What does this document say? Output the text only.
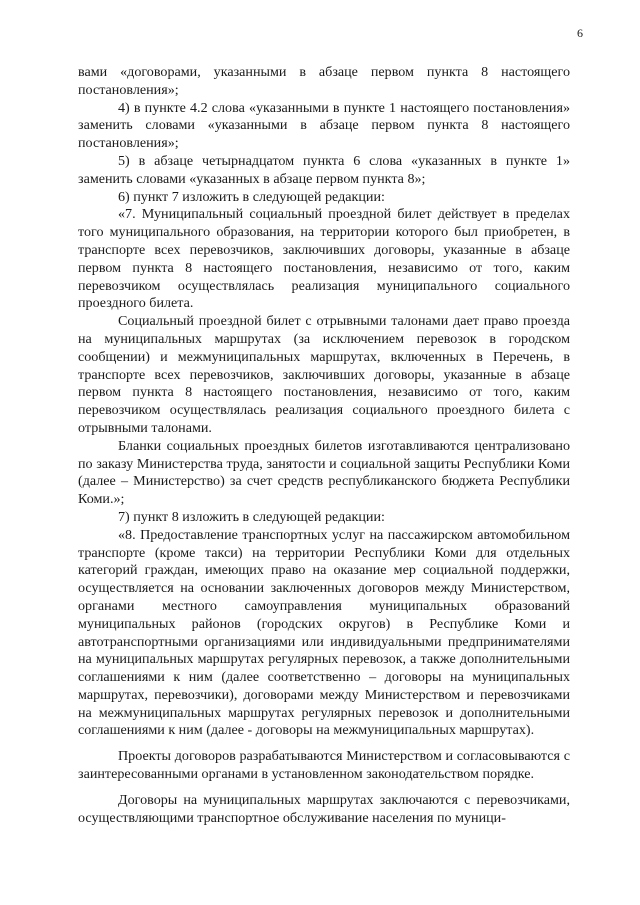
6

вами «договорами, указанными в абзаце первом пункта 8 настоящего постановления»;

4) в пункте 4.2 слова «указанными в пункте 1 настоящего постановления» заменить словами «указанными в абзаце первом пункта 8 настоящего постановления»;

5) в абзаце четырнадцатом пункта 6 слова «указанных в пункте 1» заменить словами «указанных в абзаце первом пункта 8»;

6) пункт 7 изложить в следующей редакции:

«7. Муниципальный социальный проездной билет действует в пределах того муниципального образования, на территории которого был приобретен, в транспорте всех перевозчиков, заключивших договоры, указанные в абзаце первом пункта 8 настоящего постановления, независимо от того, каким перевозчиком осуществлялась реализация муниципального социального проездного билета.

Социальный проездной билет с отрывными талонами дает право проезда на муниципальных маршрутах (за исключением перевозок в городском сообщении) и межмуниципальных маршрутах, включенных в Перечень, в транспорте всех перевозчиков, заключивших договоры, указанные в абзаце первом пункта 8 настоящего постановления, независимо от того, каким перевозчиком осуществлялась реализация социального проездного билета с отрывными талонами.

Бланки социальных проездных билетов изготавливаются централизовано по заказу Министерства труда, занятости и социальной защиты Республики Коми (далее – Министерство) за счет средств республиканского бюджета Республики Коми.»;

7) пункт 8 изложить в следующей редакции:

«8. Предоставление транспортных услуг на пассажирском автомобильном транспорте (кроме такси) на территории Республики Коми для отдельных категорий граждан, имеющих право на оказание мер социальной поддержки, осуществляется на основании заключенных договоров между Министерством, органами местного самоуправления муниципальных образований муниципальных районов (городских округов) в Республике Коми и автотранспортными организациями или индивидуальными предпринимателями на муниципальных маршрутах регулярных перевозок, а также дополнительными соглашениями к ним (далее соответственно – договоры на муниципальных маршрутах, перевозчики), договорами между Министерством и перевозчиками на межмуниципальных маршрутах регулярных перевозок и дополнительными соглашениями к ним (далее - договоры на межмуниципальных маршрутах).

Проекты договоров разрабатываются Министерством и согласовываются с заинтересованными органами в установленном законодательством порядке.

Договоры на муниципальных маршрутах заключаются с перевозчиками, осуществляющими транспортное обслуживание населения по муници-
